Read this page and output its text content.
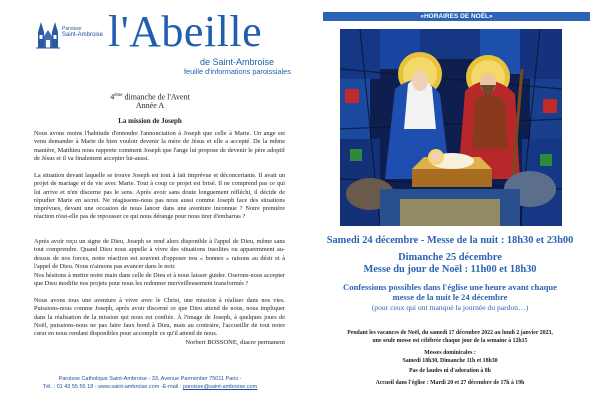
Paroisse
Saint-Ambroise l'Abeille
de Saint-Ambroise
feuille d'informations paroissiales
4ème dimanche de l'Avent
Année A
La mission de Joseph

Nous avons moins l'habitude d'entendre l'annonciation à Joseph que celle à Marie. Un ange est venu demander à Marie de bien vouloir devenir la mère de Jésus et elle a accepté. De la même manière, Matthieu nous rapporte comment Joseph que l'ange lui propose de devenir le père adoptif de Jésus et il va finalement accepter lui-aussi.

La situation devant laquelle se trouve Joseph est tout à fait imprévue et déconcertante. Il avait un projet de mariage et de vie avec Marie. Tout à coup ce projet est brisé. Il ne comprend pas ce qui lui arrive et n'en discerne pas le sens. Après avoir sans doute longuement réfléchi, il décide de répudier Marie en secret. Ne réagissons-nous pas nous aussi comme Joseph face des situations imprévues, devant une occasion de nous lancer dans une aventure inconnue ? Notre première réaction n'est-elle pas de repousser ce qui nous dérange pour nous tirer d'embarras ?

Après avoir reçu un signe de Dieu, Joseph se rend alors disponible à l'appel de Dieu, même sans tout comprendre. Quand Dieu nous appelle à vivre des situations insolites ou apparemment au-dessus de nos forces, notre réaction est souvent d'opposer nos « bonnes » raisons au désir et à l'appel de Dieu. Nous n'aimons pas avancer dans le noir.

Nos hésitons à mettre notre main dans celle de Dieu et à nous laisser guider. Oserons-nous accepter que Dieu modifie nos projets pour nous les redonner merveilleusement transformés ?

Nous avons tous une aventure à vivre avec le Christ, une mission à réaliser dans nos vies. Puissions-nous comme Joseph, après avoir discerné ce que Dieu attend de nous, nous impliquer dans la réalisation de la mission qui nous est confiée. À l'image de Joseph, à quelques jours de Noël, puissions-nous ne pas faire faux bond à Dieu, mais au contraire, l'accueillir de tout notre cœur en nous rendant disponibles pour accomplir ce qu'il attend de nous.

Norbert BOSSONE, diacre permanent
Paroisse Catholique Saint-Ambroise - 33, Avenue Parmentier 75011 Paris -
Tél. : 01 43 55 56 18 - www.saint-ambroise.com -E-mail : paroisse@saint-ambroise.com
«HORAIRES DE NOËL»
Samedi 24 décembre - Messe de la nuit : 18h30 et 23h00
Dimanche 25 décembre
Messe du jour de Noël : 11h00 et 18h30
Confessions possibles dans l'église une heure avant chaque
messe de la nuit le 24 décembre
(pour ceux qui ont manqué la journée du pardon…)
Pendant les vacances de Noël, du samedi 17 décembre 2022 au lundi 2 janvier 2023,
une seule messe est célébrée chaque jour de la semaine à 12h15
Messes dominicales :
Samedi 18h30, Dimanche 11h et 18h30
Pas de laudes ni d'adoration à 8h
Accueil dans l'église : Mardi 20 et 27 décembre de 17h à 19h
